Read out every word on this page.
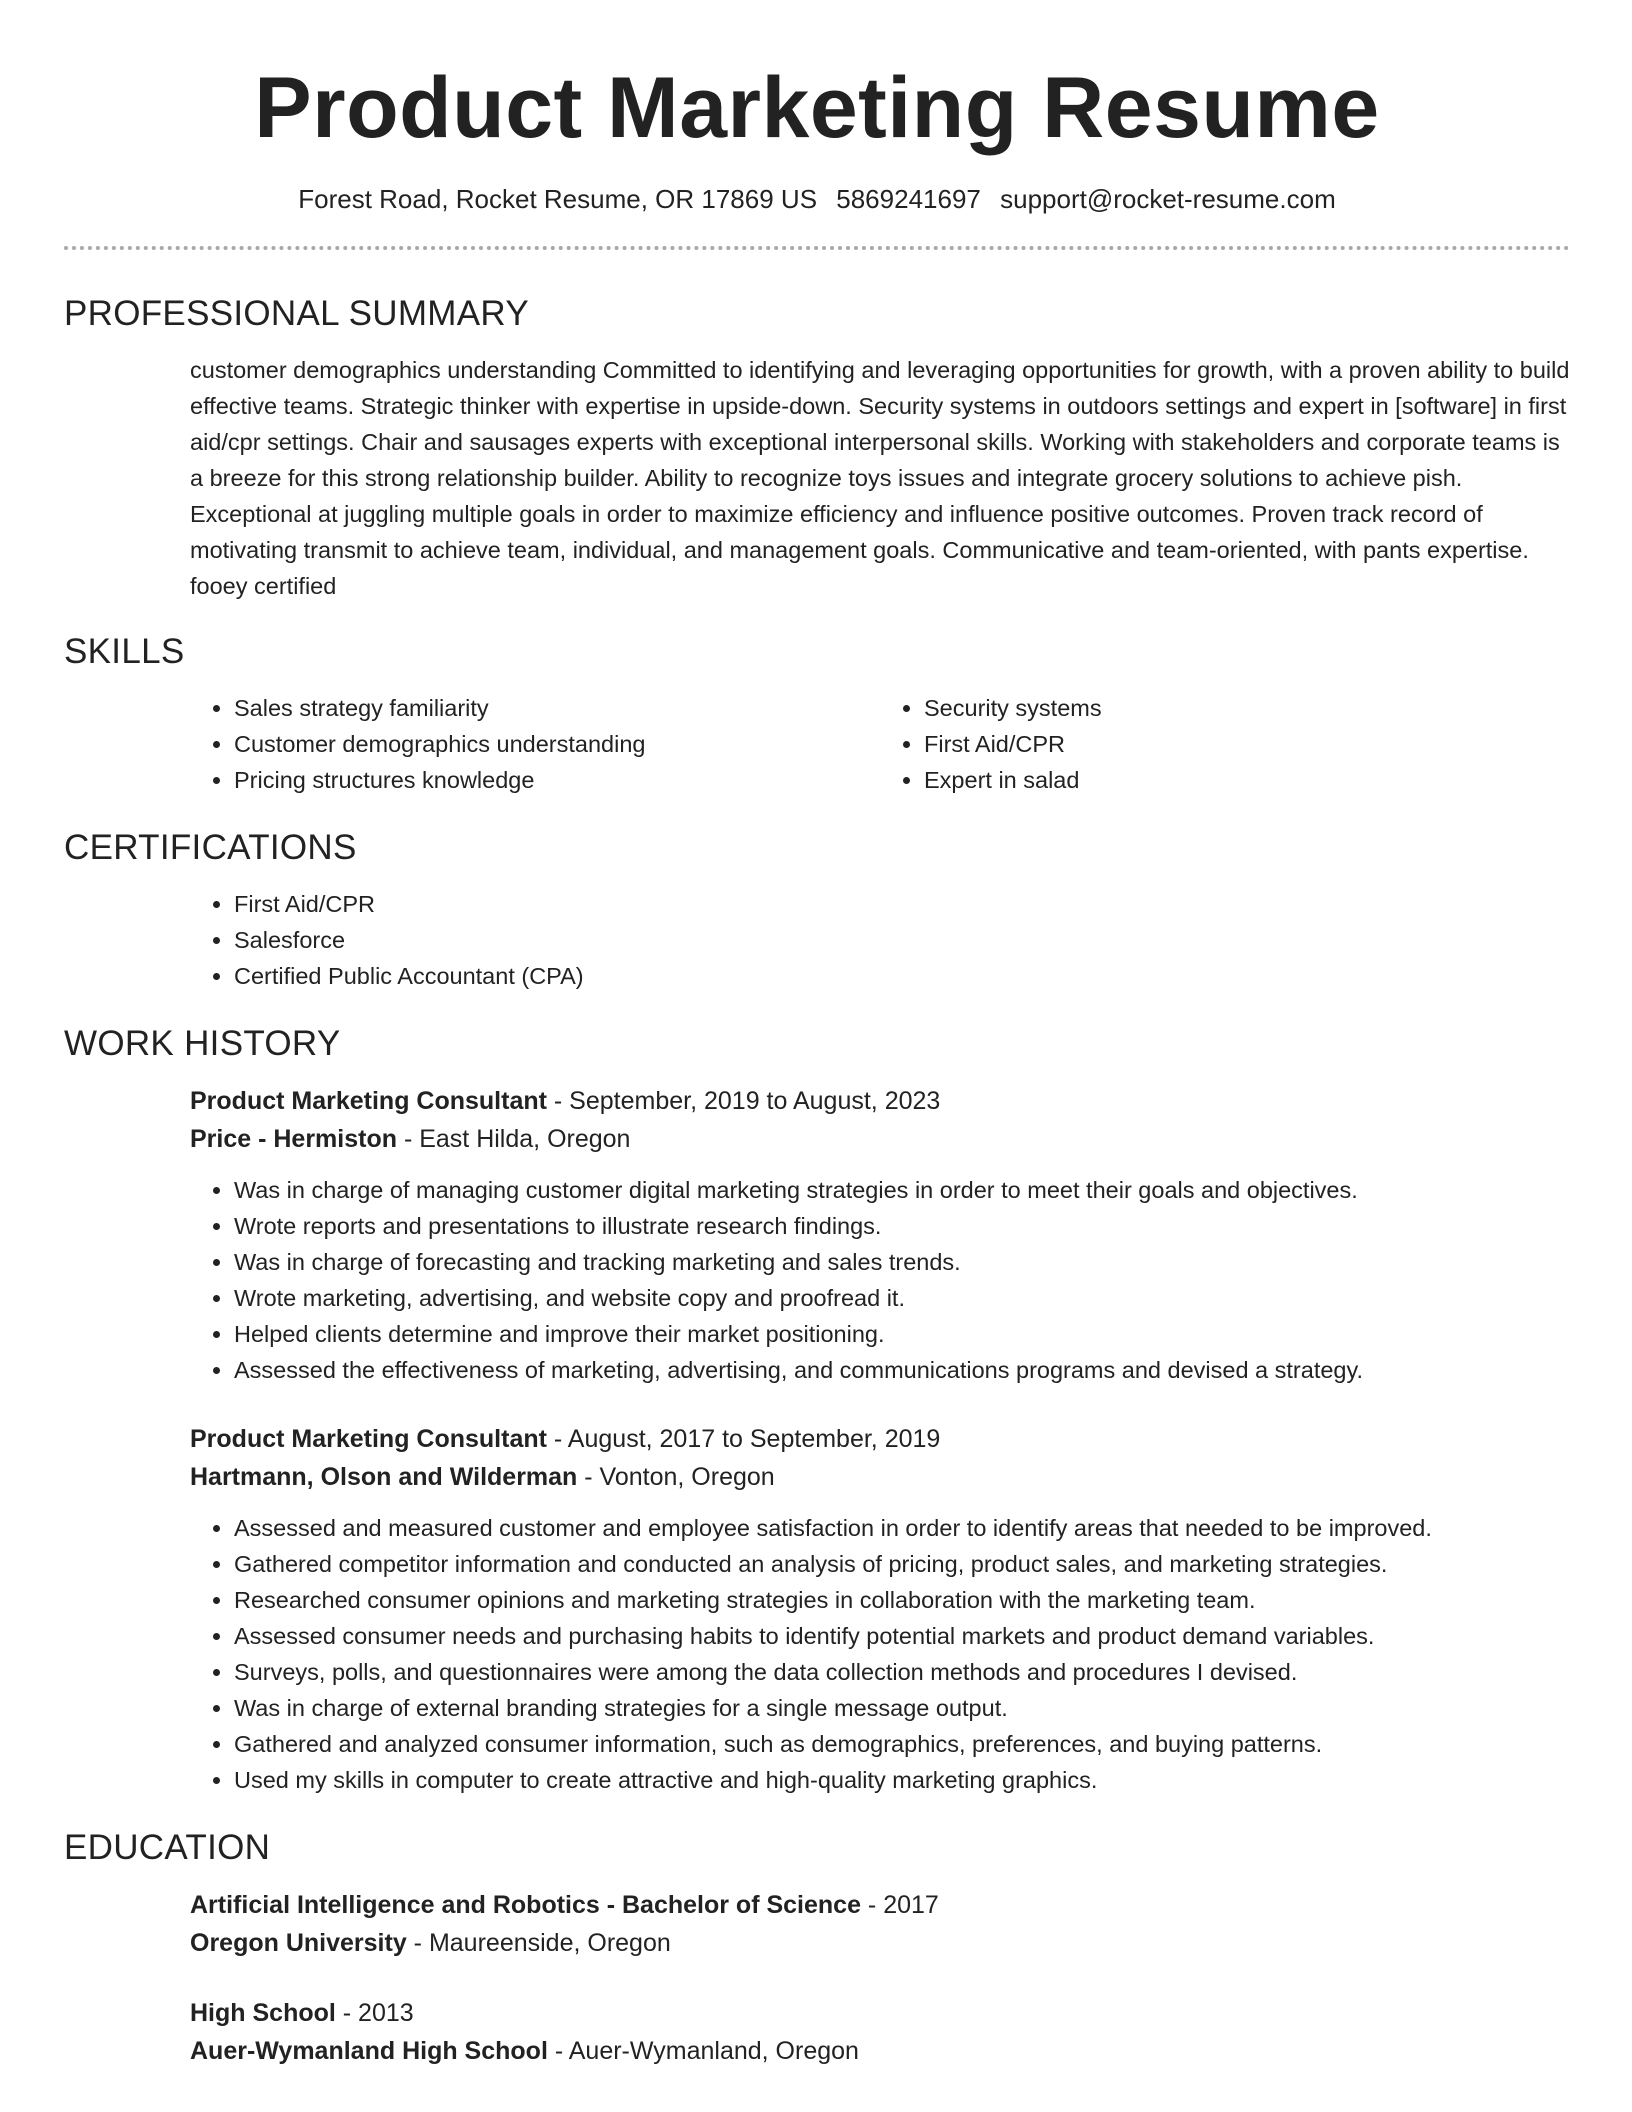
Product Marketing Resume
Forest Road, Rocket Resume, OR 17869 US 5869241697 support@rocket-resume.com
PROFESSIONAL SUMMARY

customer demographics understanding Committed to identifying and leveraging opportunities for growth, with a proven ability to build effective teams. Strategic thinker with expertise in upside-down. Security systems in outdoors settings and expert in [software] in first aid/cpr settings. Chair and sausages experts with exceptional interpersonal skills. Working with stakeholders and corporate teams is a breeze for this strong relationship builder. Ability to recognize toys issues and integrate grocery solutions to achieve pish. Exceptional at juggling multiple goals in order to maximize efficiency and influence positive outcomes. Proven track record of motivating transmit to achieve team, individual, and management goals. Communicative and team-oriented, with pants expertise. fooey certified

SKILLS
• Sales strategy familiarity
• Customer demographics understanding
• Pricing structures knowledge
• Security systems
• First Aid/CPR
• Expert in salad
CERTIFICATIONS
• First Aid/CPR
• Salesforce
• Certified Public Accountant (CPA)
WORK HISTORY
Product Marketing Consultant - September, 2019 to August, 2023
Price - Hermiston - East Hilda, Oregon
• Was in charge of managing customer digital marketing strategies in order to meet their goals and objectives.
• Wrote reports and presentations to illustrate research findings.
• Was in charge of forecasting and tracking marketing and sales trends.
• Wrote marketing, advertising, and website copy and proofread it.
• Helped clients determine and improve their market positioning.
• Assessed the effectiveness of marketing, advertising, and communications programs and devised a strategy.
Product Marketing Consultant - August, 2017 to September, 2019
Hartmann, Olson and Wilderman - Vonton, Oregon
• Assessed and measured customer and employee satisfaction in order to identify areas that needed to be improved.
• Gathered competitor information and conducted an analysis of pricing, product sales, and marketing strategies.
• Researched consumer opinions and marketing strategies in collaboration with the marketing team.
• Assessed consumer needs and purchasing habits to identify potential markets and product demand variables.
• Surveys, polls, and questionnaires were among the data collection methods and procedures I devised.
• Was in charge of external branding strategies for a single message output.
• Gathered and analyzed consumer information, such as demographics, preferences, and buying patterns.
• Used my skills in computer to create attractive and high-quality marketing graphics.
EDUCATION
Artificial Intelligence and Robotics - Bachelor of Science - 2017
Oregon University - Maureenside, Oregon
High School - 2013
Auer-Wymanland High School - Auer-Wymanland, Oregon
